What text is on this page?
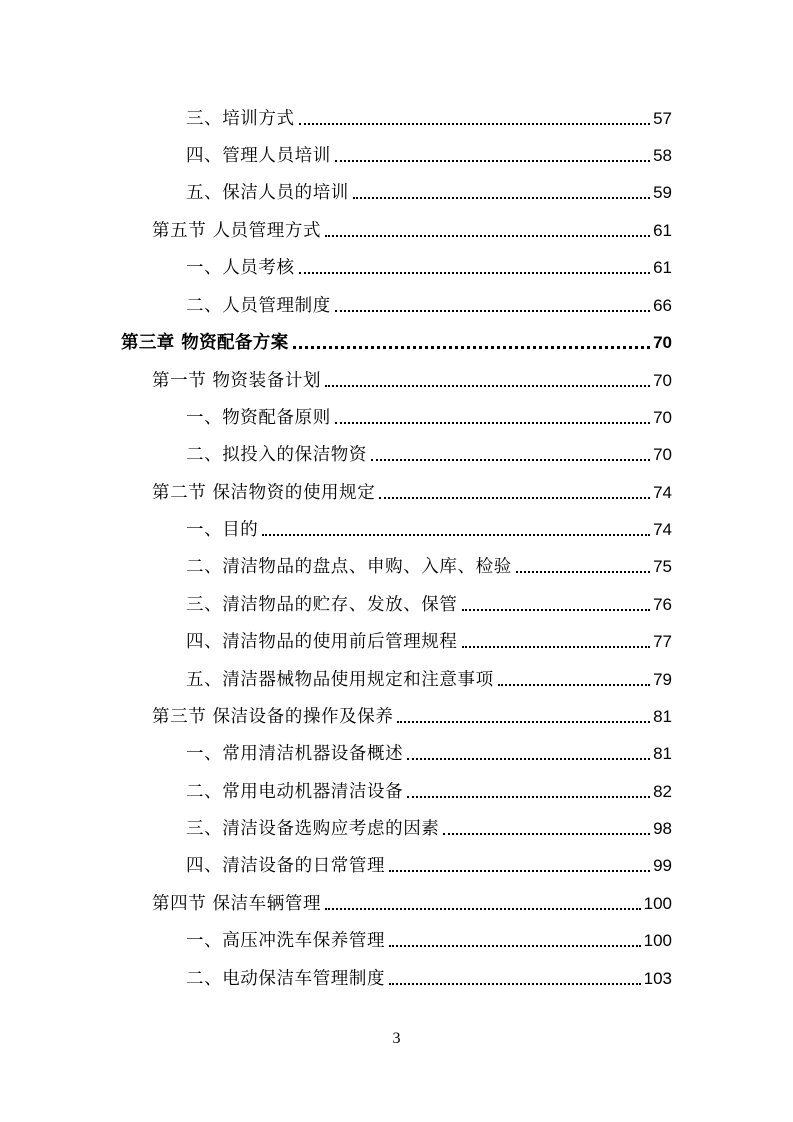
三、培训方式	57
四、管理人员培训	58
五、保洁人员的培训	59
第五节 人员管理方式	61
一、人员考核	61
二、人员管理制度	66
第三章 物资配备方案	70
第一节 物资装备计划	70
一、物资配备原则	70
二、拟投入的保洁物资	70
第二节 保洁物资的使用规定	74
一、目的	74
二、清洁物品的盘点、申购、入库、检验	75
三、清洁物品的贮存、发放、保管	76
四、清洁物品的使用前后管理规程	77
五、清洁器械物品使用规定和注意事项	79
第三节 保洁设备的操作及保养	81
一、常用清洁机器设备概述	81
二、常用电动机器清洁设备	82
三、清洁设备选购应考虑的因素	98
四、清洁设备的日常管理	99
第四节 保洁车辆管理	100
一、高压冲洗车保养管理	100
二、电动保洁车管理制度	103
3
